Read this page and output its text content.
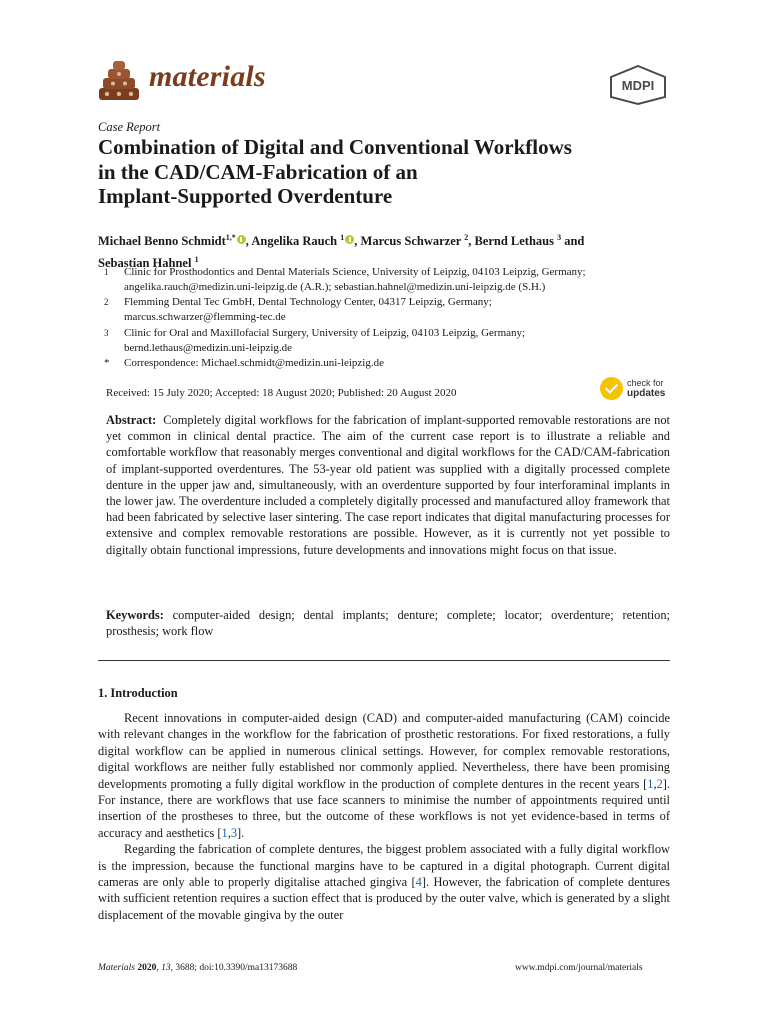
materials	MDPI
Case Report
Combination of Digital and Conventional Workflows
in the CAD/CAM-Fabrication of an
Implant-Supported Overdenture
Michael Benno Schmidt$^{1,*}$ , Angelika Rauch $^1$ , Marcus Schwarzer $^2$, Bernd Lethaus $^3$ and
Sebastian Hahnel $^1$
1	Clinic for Prosthodontics and Dental Materials Science, University of Leipzig, 04103 Leipzig, Germany;
angelika.rauch@medizin.uni-leipzig.de (A.R.); sebastian.hahnel@medizin.uni-leipzig.de (S.H.)
2	Flemming Dental Tec GmbH, Dental Technology Center, 04317 Leipzig, Germany;
marcus.schwarzer@flemming-tec.de
3	Clinic for Oral and Maxillofacial Surgery, University of Leipzig, 04103 Leipzig, Germany;
bernd.lethaus@medizin.uni-leipzig.de
*	Correspondence: Michael.schmidt@medizin.uni-leipzig.de
Received: 15 July 2020; Accepted: 18 August 2020; Published: 20 August 2020
check for
updates
Abstract: Completely digital workflows for the fabrication of implant-supported removable restorations are not yet common in clinical dental practice. The aim of the current case report is to illustrate a reliable and comfortable workflow that reasonably merges conventional and digital workflows for the CAD/CAM-fabrication of implant-supported overdentures. The 53-year old patient was supplied with a digitally processed complete denture in the upper jaw and, simultaneously, with an overdenture supported by four interforaminal implants in the lower jaw. The overdenture included a completely digitally processed and manufactured alloy framework that had been fabricated by selective laser sintering. The case report indicates that digital manufacturing processes for extensive and complex removable restorations are possible. However, as it is currently not yet possible to digitally obtain functional impressions, future developments and innovations might focus on that issue.
Keywords: computer-aided design; dental implants; denture; complete; locator; overdenture; retention; prosthesis; work flow
1. Introduction

Recent innovations in computer-aided design (CAD) and computer-aided manufacturing (CAM) coincide with relevant changes in the workflow for the fabrication of prosthetic restorations. For fixed restorations, a fully digital workflow can be applied in numerous clinical settings. However, for complex removable restorations, digital workflows are neither fully established nor commonly applied. Nevertheless, there have been promising developments promoting a fully digital workflow in the production of complete dentures in the recent years [1,2]. For instance, there are workflows that use face scanners to minimise the number of appointments required until insertion of the prostheses to three, but the outcome of these workflows is not yet evidence-based in terms of accuracy and aesthetics [1,3].

Regarding the fabrication of complete dentures, the biggest problem associated with a fully digital workflow is the impression, because the functional margins have to be captured in a digital photograph. Current digital cameras are only able to properly digitalise attached gingiva [4]. However, the fabrication of complete dentures with sufficient retention requires a suction effect that is produced by the outer valve, which is generated by a slight displacement of the movable gingiva by the outer

Materials 2020, 13, 3688; doi:10.3390/ma13173688	www.mdpi.com/journal/materials
